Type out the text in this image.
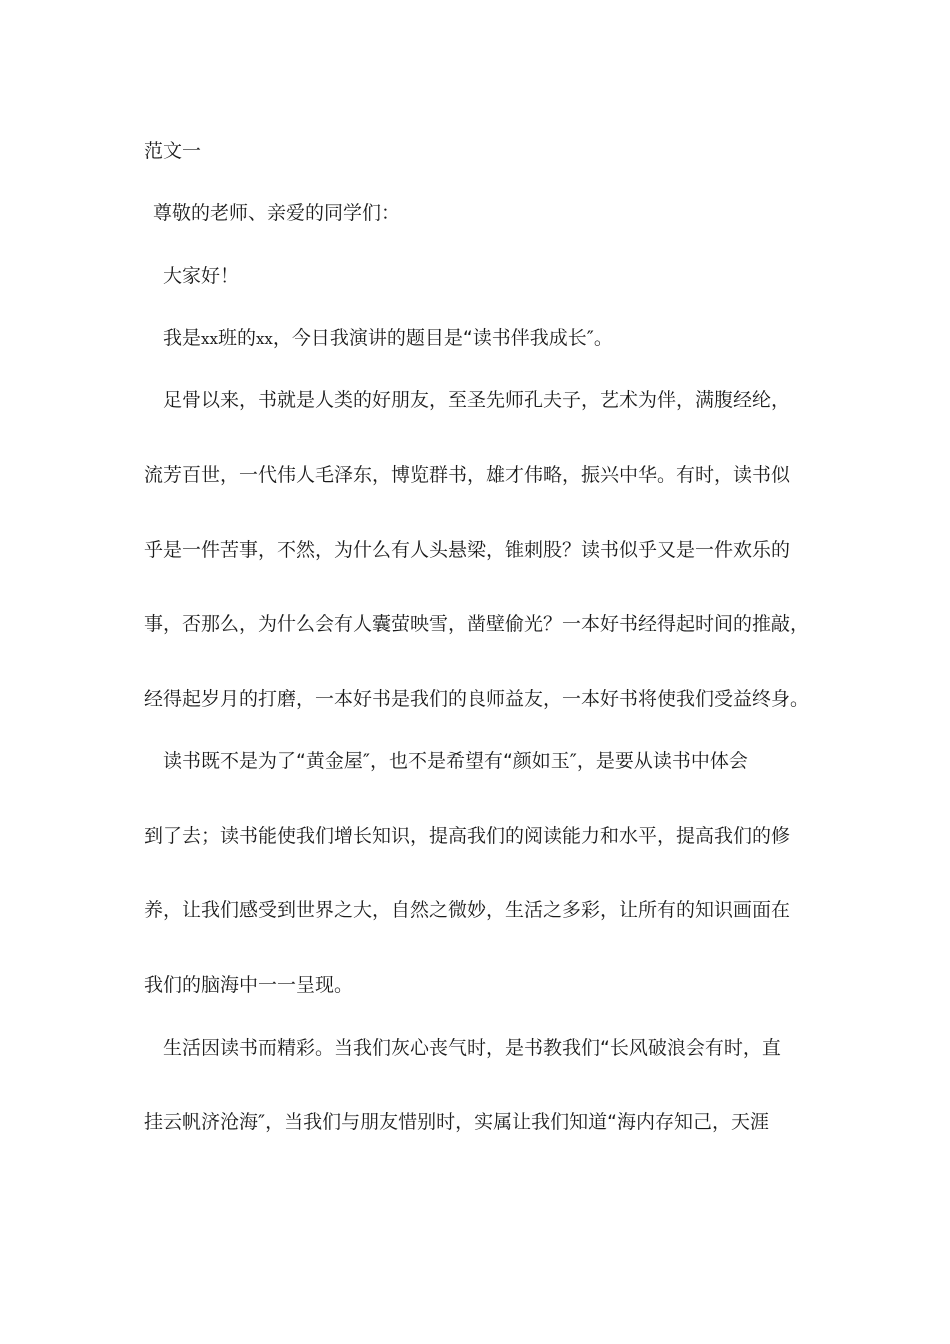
范文一
尊敬的老师、亲爱的同学们：
大家好！
我是xx班的xx，今日我演讲的题目是“读书伴我成长″。
足骨以来，书就是人类的好朋友，至圣先师孔夫子，艺术为伴，满腹经纶，
流芳百世，一代伟人毛泽东，博览群书，雄才伟略，振兴中华。有时，读书似
乎是一件苦事，不然，为什么有人头悬梁，锥刺股？读书似乎又是一件欢乐的
事，否那么，为什么会有人囊萤映雪，凿壁偷光？一本好书经得起时间的推敲，
经得起岁月的打磨，一本好书是我们的良师益友，一本好书将使我们受益终身。
读书既不是为了“黄金屋″，也不是希望有“颜如玉″，是要从读书中体会
到了去；读书能使我们增长知识，提高我们的阅读能力和水平，提高我们的修
养，让我们感受到世界之大，自然之微妙，生活之多彩，让所有的知识画面在
我们的脑海中一一呈现。
生活因读书而精彩。当我们灰心丧气时，是书教我们“长风破浪会有时，直
挂云帆济沧海″，当我们与朋友惜别时，实属让我们知道“海内存知己，天涯
